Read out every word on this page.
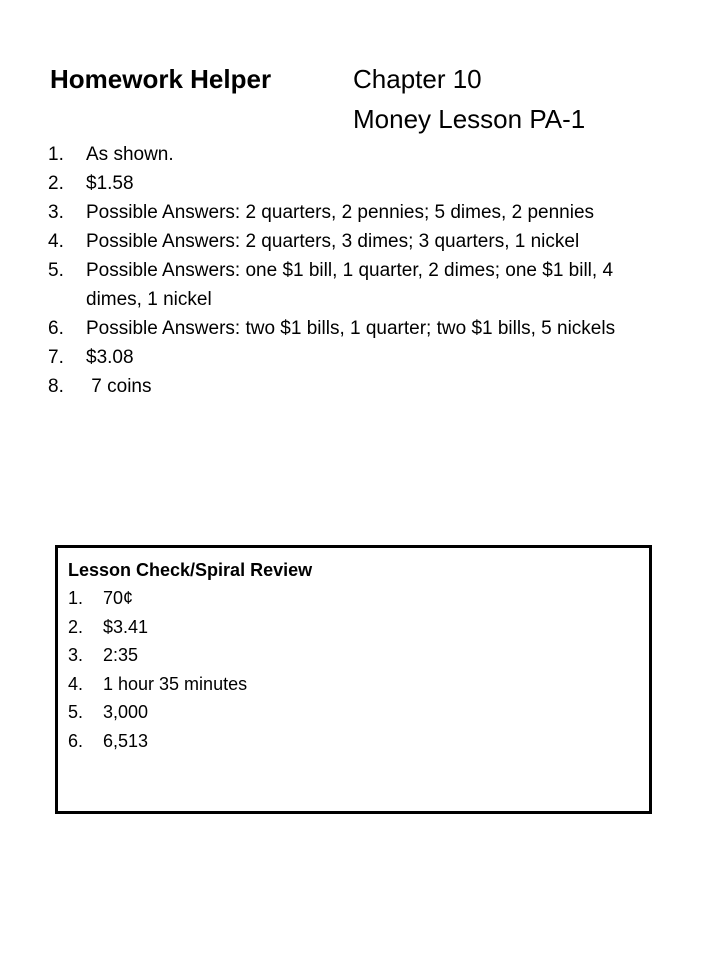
Homework Helper	Chapter 10
Money Lesson PA-1
1. As shown.
2. $1.58
3. Possible Answers: 2 quarters, 2 pennies; 5 dimes, 2 pennies
4. Possible Answers: 2 quarters, 3 dimes; 3 quarters, 1 nickel
5. Possible Answers: one $1 bill, 1 quarter, 2 dimes; one $1 bill, 4 dimes, 1 nickel
6. Possible Answers: two $1 bills, 1 quarter; two $1 bills, 5 nickels
7. $3.08
8. 7 coins
Lesson Check/Spiral Review
1. 70¢
2. $3.41
3. 2:35
4. 1 hour 35 minutes
5. 3,000
6. 6,513
